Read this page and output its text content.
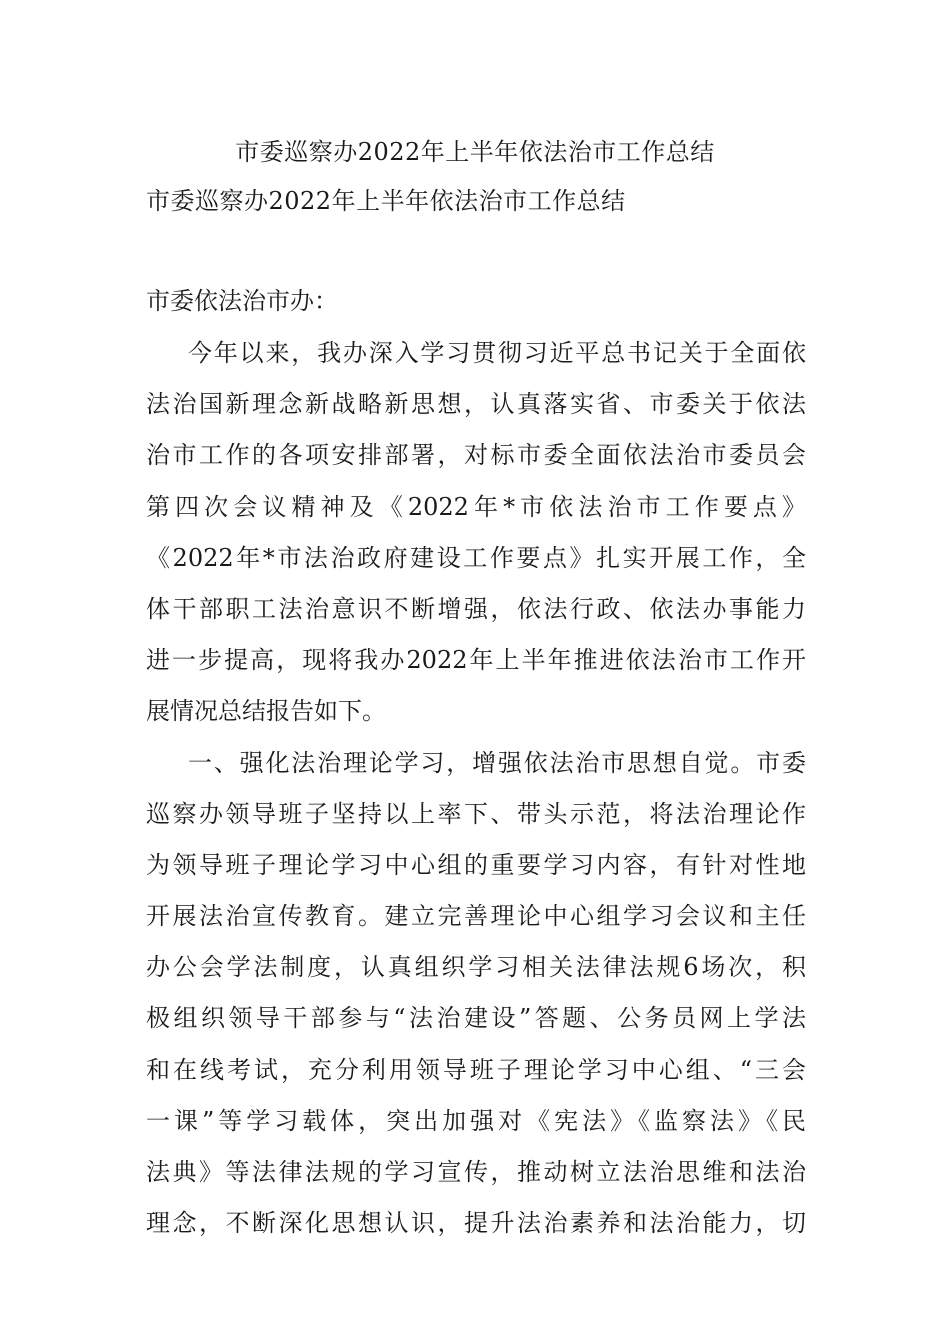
市委巡察办2022年上半年依法治市工作总结
市委巡察办2022年上半年依法治市工作总结
市委依法治市办：
今年以来，我办深入学习贯彻习近平总书记关于全面依
法治国新理念新战略新思想，认真落实省、市委关于依法
治市工作的各项安排部署，对标市委全面依法治市委员会
第四次会议精神及《2022年*市依法治市工作要点》
《2022年*市法治政府建设工作要点》扎实开展工作，全
体干部职工法治意识不断增强，依法行政、依法办事能力
进一步提高，现将我办2022年上半年推进依法治市工作开
展情况总结报告如下。
一、强化法治理论学习，增强依法治市思想自觉。市委
巡察办领导班子坚持以上率下、带头示范，将法治理论作
为领导班子理论学习中心组的重要学习内容，有针对性地
开展法治宣传教育。建立完善理论中心组学习会议和主任
办公会学法制度，认真组织学习相关法律法规6场次，积
极组织领导干部参与“法治建设”答题、公务员网上学法
和在线考试，充分利用领导班子理论学习中心组、“三会
一课”等学习载体，突出加强对《宪法》《监察法》《民
法典》等法律法规的学习宣传，推动树立法治思维和法治
理念，不断深化思想认识，提升法治素养和法治能力，切
